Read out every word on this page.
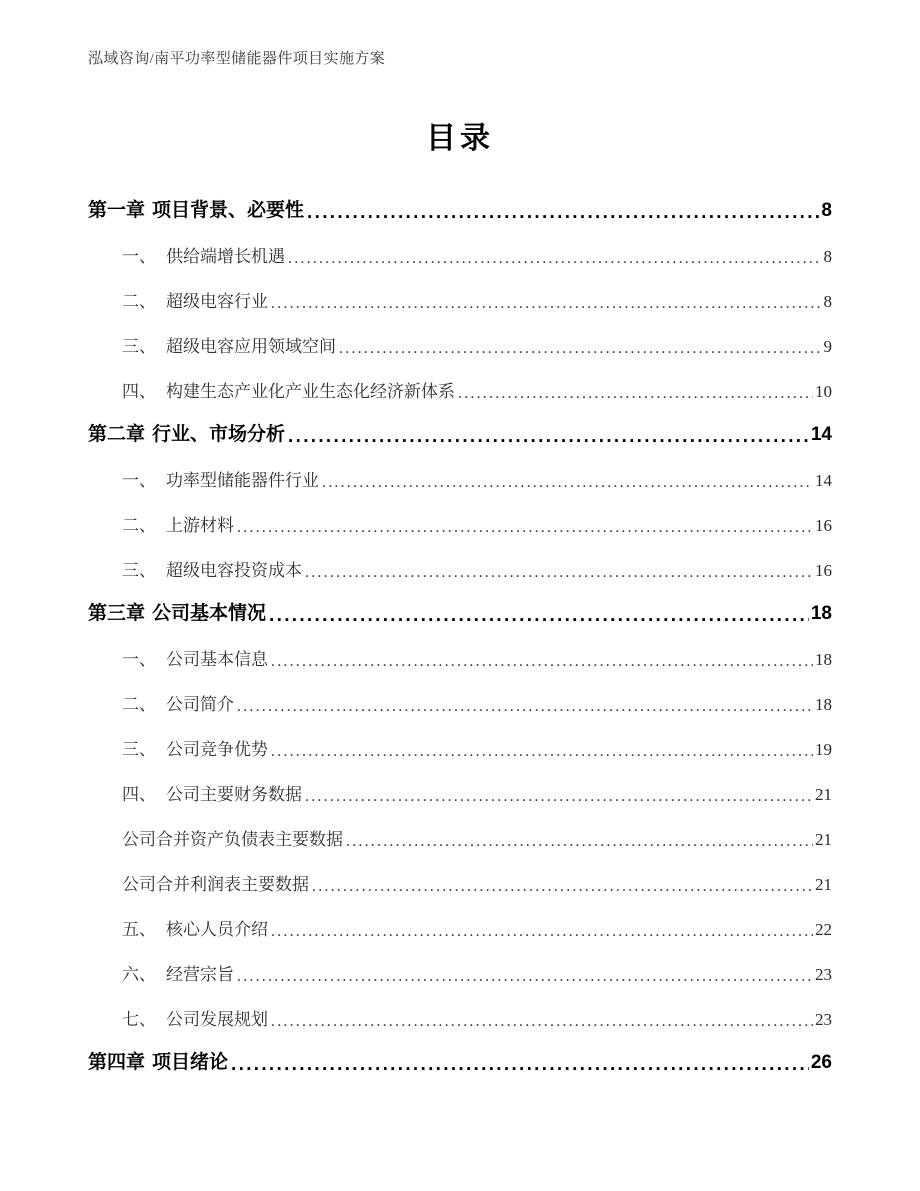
泓域咨询/南平功率型储能器件项目实施方案
目录
第一章 项目背景、必要性 .....	8
一、 供给端增长机遇 .....	8
二、 超级电容行业 .....	8
三、 超级电容应用领域空间 .....	9
四、 构建生态产业化产业生态化经济新体系 .....	10
第二章 行业、市场分析 .....	14
一、 功率型储能器件行业 .....	14
二、 上游材料 .....	16
三、 超级电容投资成本 .....	16
第三章 公司基本情况 .....	18
一、 公司基本信息 .....	18
二、 公司简介 .....	18
三、 公司竞争优势 .....	19
四、 公司主要财务数据 .....	21
公司合并资产负债表主要数据 .....	21
公司合并利润表主要数据 .....	21
五、 核心人员介绍 .....	22
六、 经营宗旨 .....	23
七、 公司发展规划 .....	23
第四章 项目绪论 .....	26
